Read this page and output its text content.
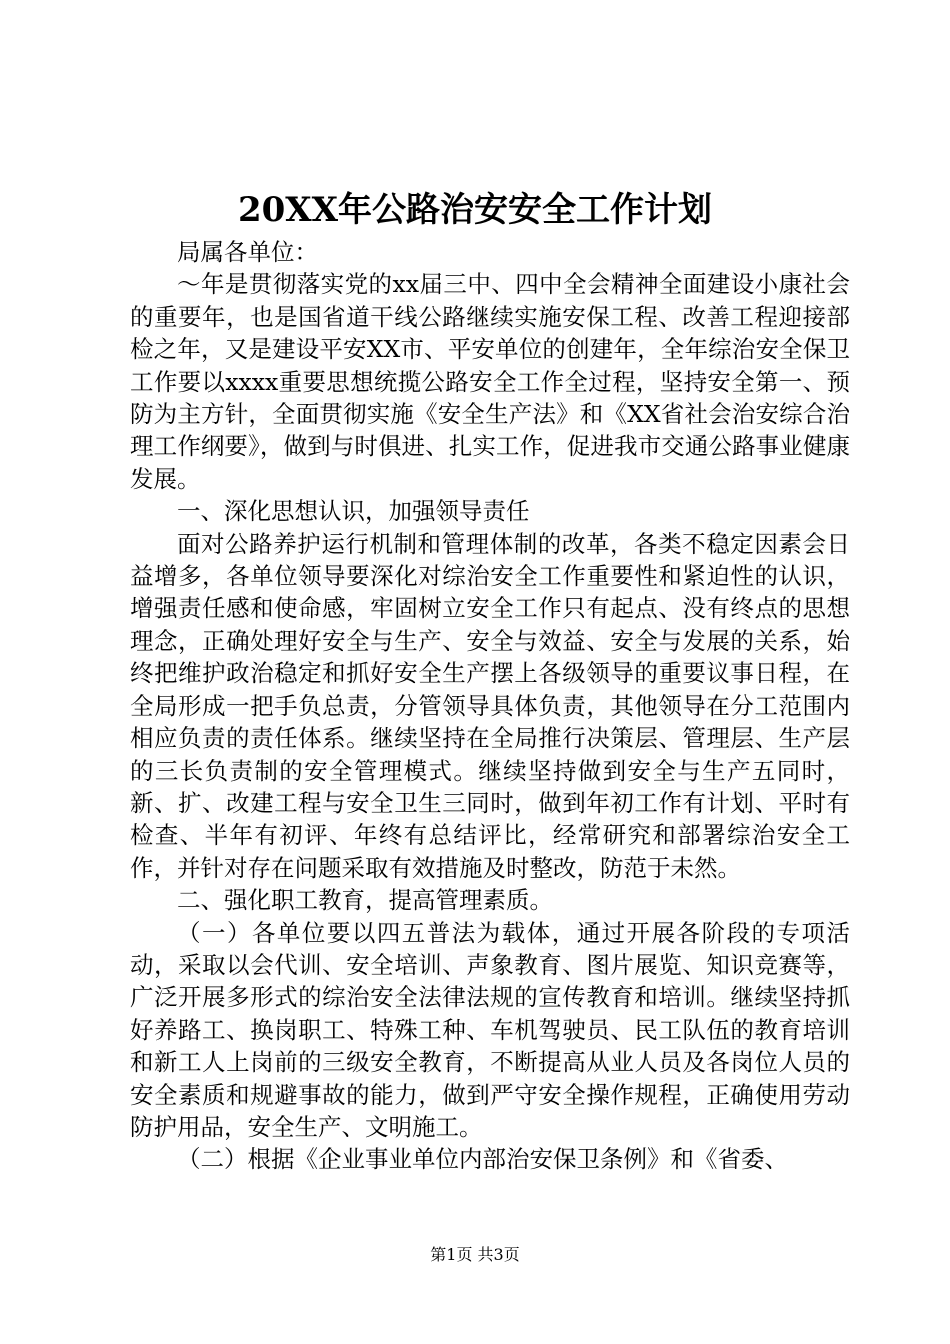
20XX年公路治安安全工作计划

局属各单位：

～年是贯彻落实党的xx届三中、四中全会精神全面建设小康社会的重要年，也是国省道干线公路继续实施安保工程、改善工程迎接部检之年，又是建设平安XX市、平安单位的创建年，全年综治安全保卫工作要以xxxx重要思想统揽公路安全工作全过程，坚持安全第一、预防为主方针，全面贯彻实施《安全生产法》和《XX省社会治安综合治理工作纲要》，做到与时俱进、扎实工作，促进我市交通公路事业健康发展。

一、深化思想认识，加强领导责任

面对公路养护运行机制和管理体制的改革，各类不稳定因素会日益增多，各单位领导要深化对综治安全工作重要性和紧迫性的认识，增强责任感和使命感，牢固树立安全工作只有起点、没有终点的思想理念，正确处理好安全与生产、安全与效益、安全与发展的关系，始终把维护政治稳定和抓好安全生产摆上各级领导的重要议事日程，在全局形成一把手负总责，分管领导具体负责，其他领导在分工范围内相应负责的责任体系。继续坚持在全局推行决策层、管理层、生产层的三长负责制的安全管理模式。继续坚持做到安全与生产五同时，新、扩、改建工程与安全卫生三同时，做到年初工作有计划、平时有检查、半年有初评、年终有总结评比，经常研究和部署综治安全工作，并针对存在问题采取有效措施及时整改，防范于未然。

二、强化职工教育，提高管理素质。

（一）各单位要以四五普法为载体，通过开展各阶段的专项活动，采取以会代训、安全培训、声象教育、图片展览、知识竞赛等，广泛开展多形式的综治安全法律法规的宣传教育和培训。继续坚持抓好养路工、换岗职工、特殊工种、车机驾驶员、民工队伍的教育培训和新工人上岗前的三级安全教育，不断提高从业人员及各岗位人员的安全素质和规避事故的能力，做到严守安全操作规程，正确使用劳动防护用品，安全生产、文明施工。

（二）根据《企业事业单位内部治安保卫条例》和《省委、

第1页 共3页
